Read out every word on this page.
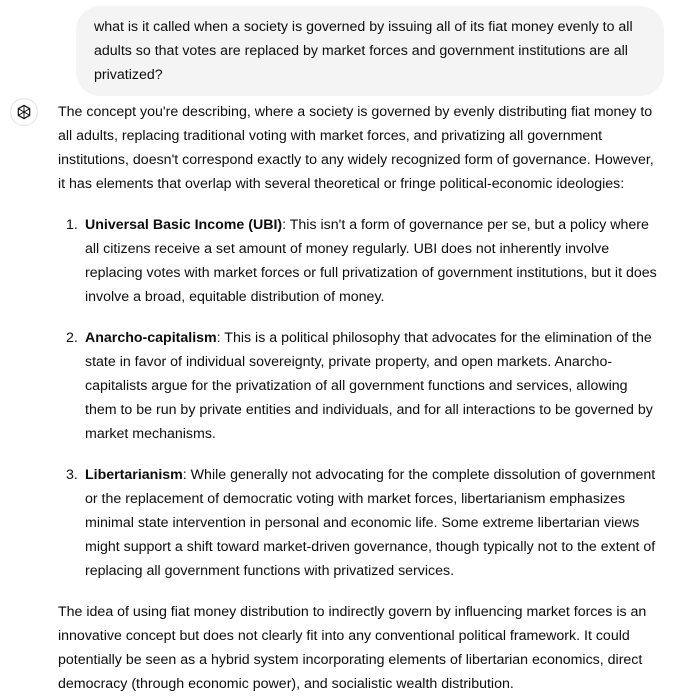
what is it called when a society is governed by issuing all of its fiat money evenly to all adults so that votes are replaced by market forces and government institutions are all privatized?

The concept you're describing, where a society is governed by evenly distributing fiat money to all adults, replacing traditional voting with market forces, and privatizing all government institutions, doesn't correspond exactly to any widely recognized form of governance. However, it has elements that overlap with several theoretical or fringe political-economic ideologies:

1. Universal Basic Income (UBI): This isn't a form of governance per se, but a policy where all citizens receive a set amount of money regularly. UBI does not inherently involve replacing votes with market forces or full privatization of government institutions, but it does involve a broad, equitable distribution of money.
2. Anarcho-capitalism: This is a political philosophy that advocates for the elimination of the state in favor of individual sovereignty, private property, and open markets. Anarcho-capitalists argue for the privatization of all government functions and services, allowing them to be run by private entities and individuals, and for all interactions to be governed by market mechanisms.
3. Libertarianism: While generally not advocating for the complete dissolution of government or the replacement of democratic voting with market forces, libertarianism emphasizes minimal state intervention in personal and economic life. Some extreme libertarian views might support a shift toward market-driven governance, though typically not to the extent of replacing all government functions with privatized services.

The idea of using fiat money distribution to indirectly govern by influencing market forces is an innovative concept but does not clearly fit into any conventional political framework. It could potentially be seen as a hybrid system incorporating elements of libertarian economics, direct democracy (through economic power), and socialistic wealth distribution.
